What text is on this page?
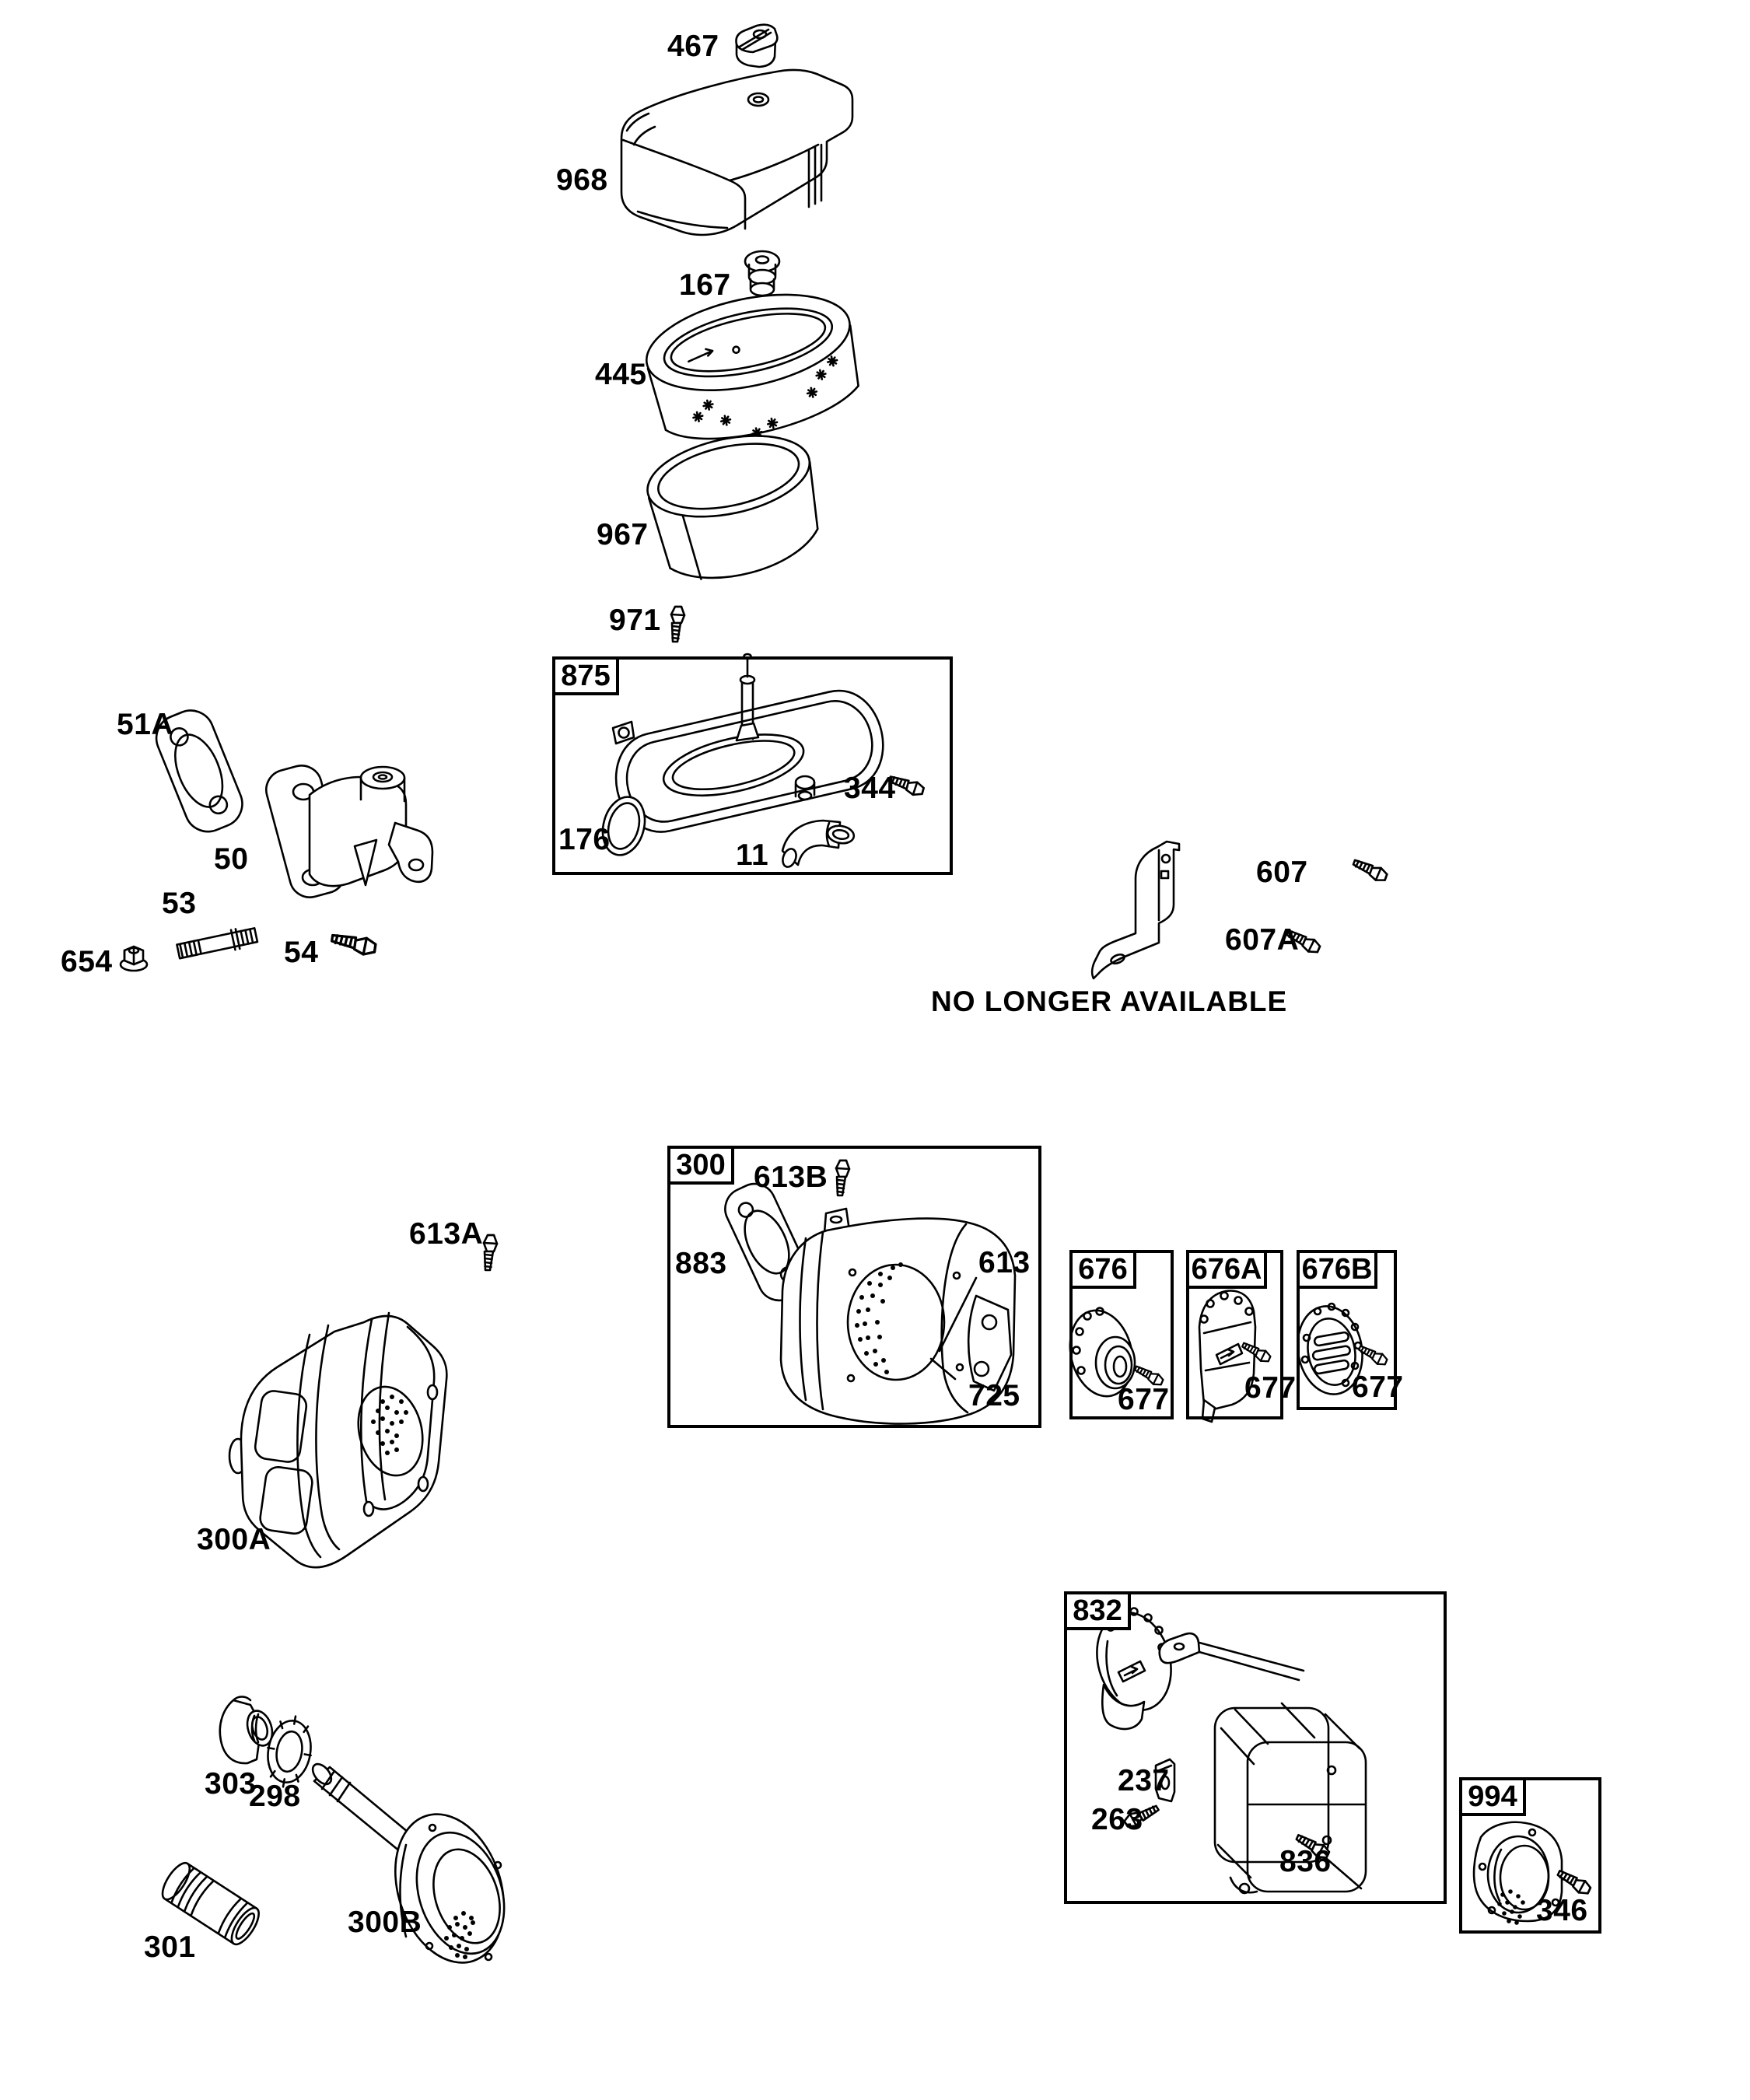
875
300
676 676A 676B
832
994
467
968
167
445
967
971
344
176	11
51A
50
53
654	54
607
607A
613B
883	613
725
613A
300A
677 677 677
237
263
836
346
303
298
301
300B
NO LONGER AVAILABLE
